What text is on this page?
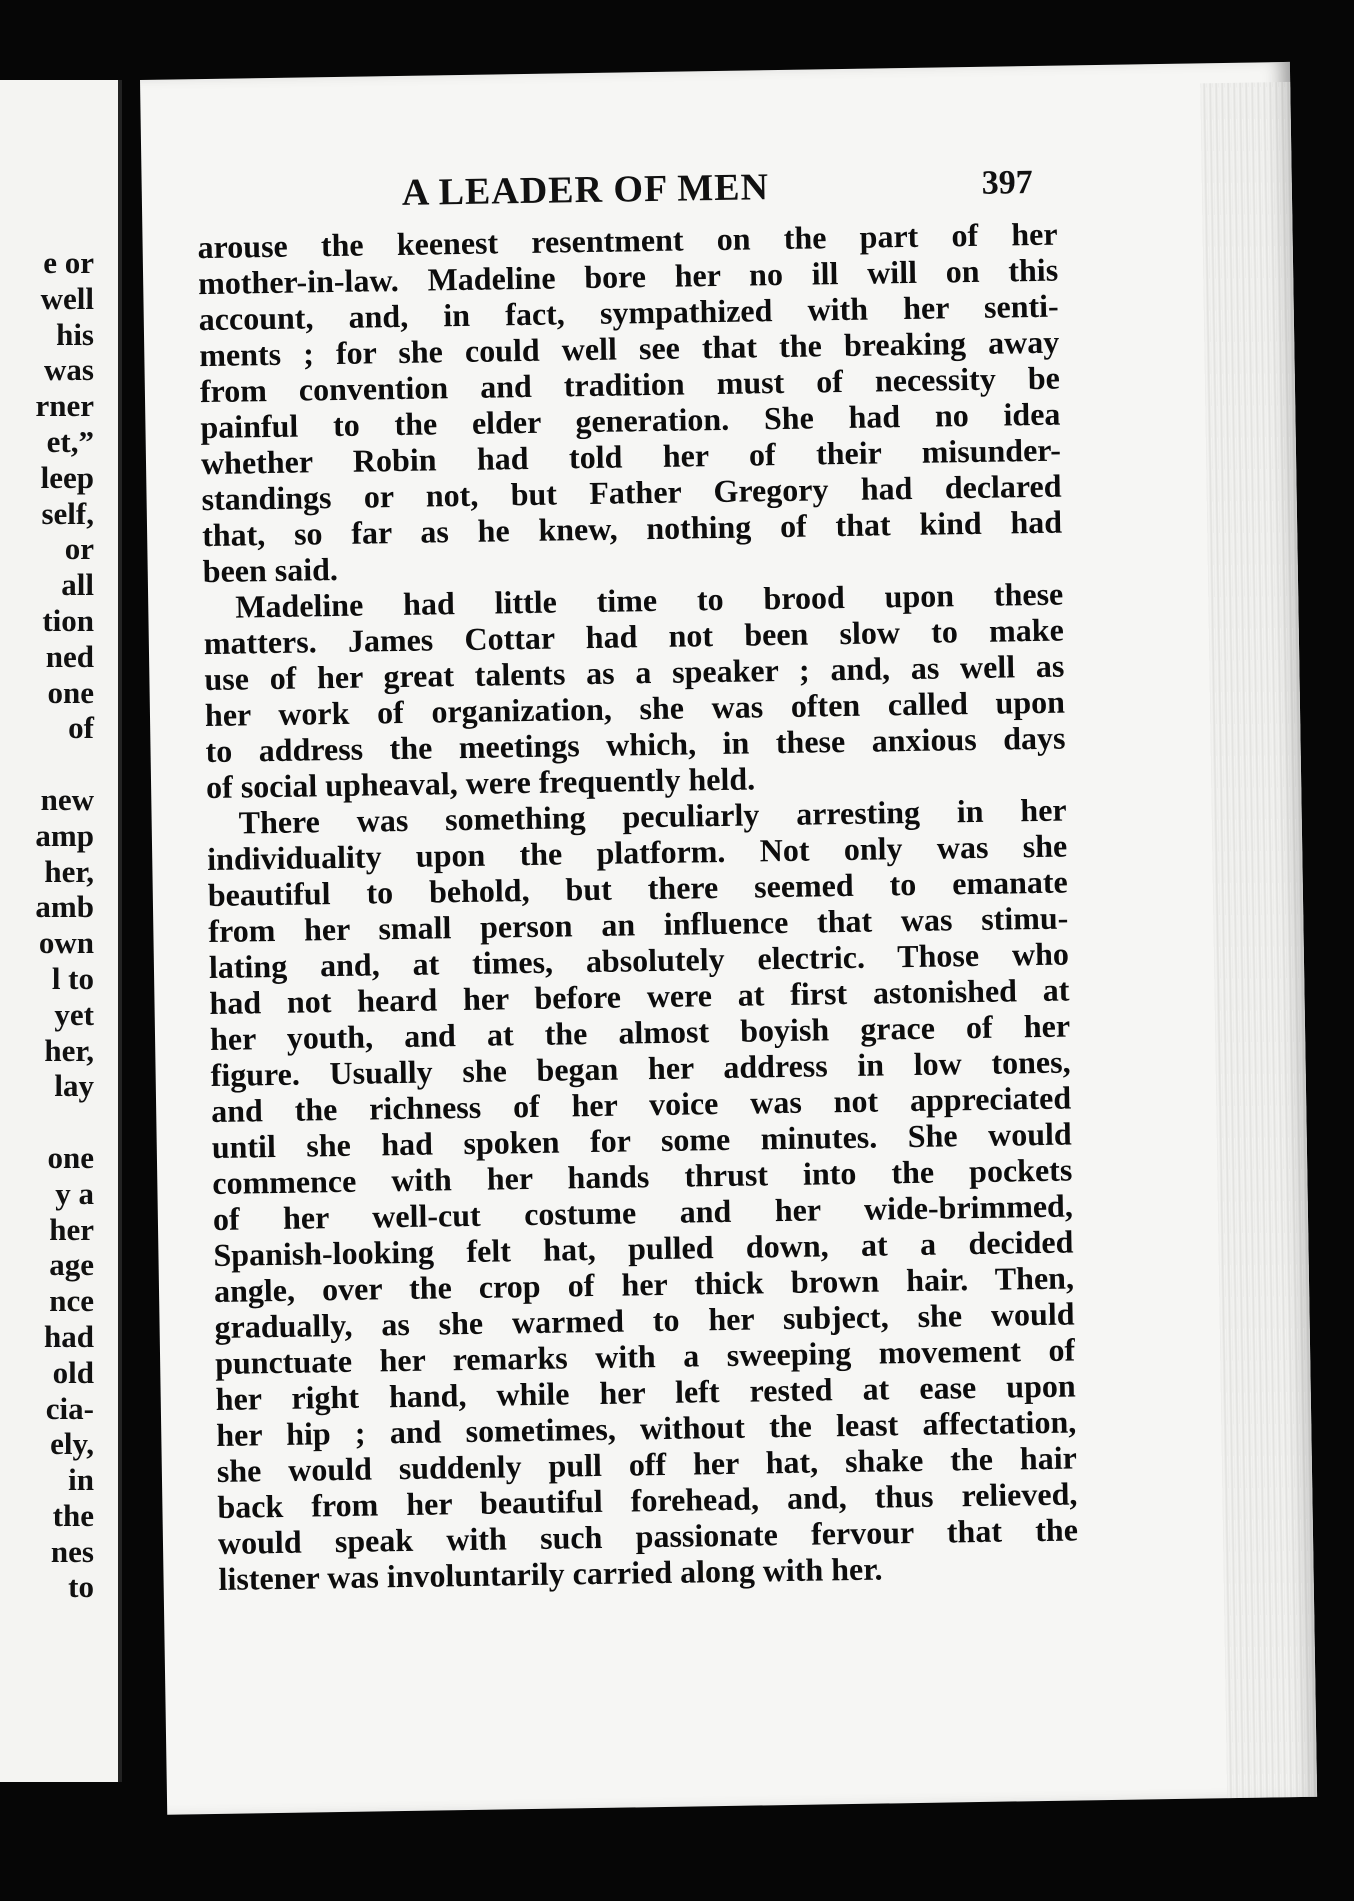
e or
well
his
was
rner
et,”
leep
self,
or
all
tion
ned
one
of
new
amp
her,
amb
own
l to
yet
her,
lay
one
y a
her
age
nce
had
old
cia-
ely,
in
the
nes
to
A LEADER OF MEN	397
arouse the keenest resentment on the part of her
mother-in-law. Madeline bore her no ill will on this
account, and, in fact, sympathized with her senti-
ments ; for she could well see that the breaking away
from convention and tradition must of necessity be
painful to the elder generation. She had no idea
whether Robin had told her of their misunder-
standings or not, but Father Gregory had declared
that, so far as he knew, nothing of that kind had
been said.
Madeline had little time to brood upon these
matters. James Cottar had not been slow to make
use of her great talents as a speaker ; and, as well as
her work of organization, she was often called upon
to address the meetings which, in these anxious days
of social upheaval, were frequently held.
There was something peculiarly arresting in her
individuality upon the platform. Not only was she
beautiful to behold, but there seemed to emanate
from her small person an influence that was stimu-
lating and, at times, absolutely electric. Those who
had not heard her before were at first astonished at
her youth, and at the almost boyish grace of her
figure. Usually she began her address in low tones,
and the richness of her voice was not appreciated
until she had spoken for some minutes. She would
commence with her hands thrust into the pockets
of her well-cut costume and her wide-brimmed,
Spanish-looking felt hat, pulled down, at a decided
angle, over the crop of her thick brown hair. Then,
gradually, as she warmed to her subject, she would
punctuate her remarks with a sweeping movement of
her right hand, while her left rested at ease upon
her hip ; and sometimes, without the least affectation,
she would suddenly pull off her hat, shake the hair
back from her beautiful forehead, and, thus relieved,
would speak with such passionate fervour that the
listener was involuntarily carried along with her.
